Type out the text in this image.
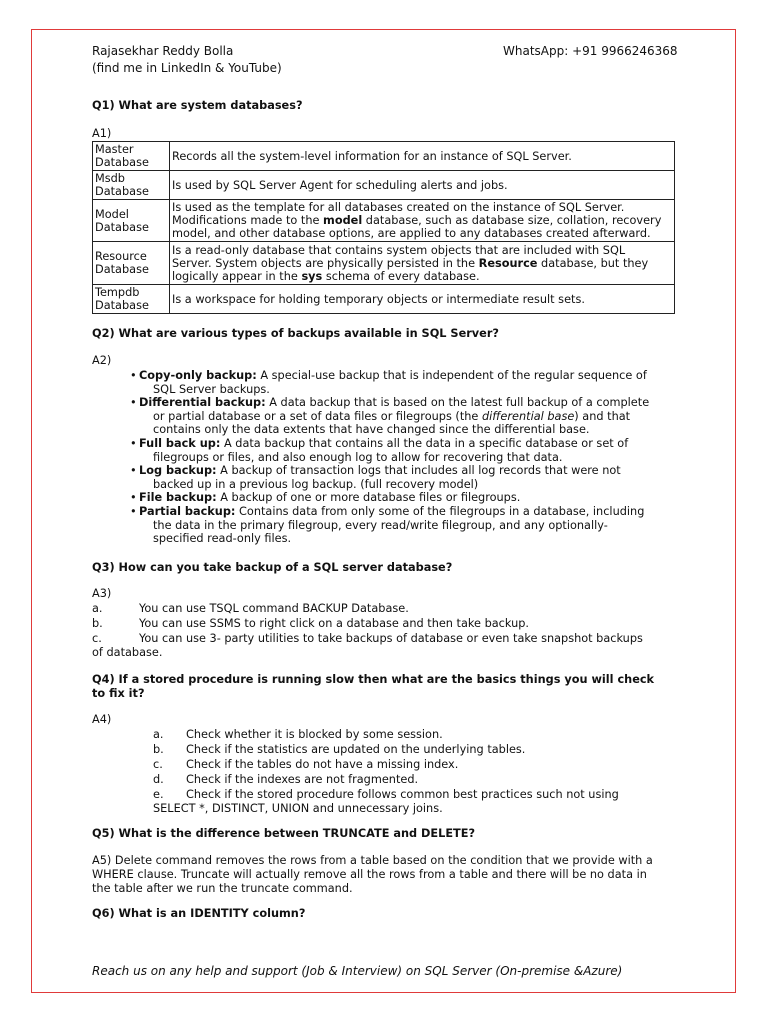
Rajasekhar Reddy Bolla
(find me in LinkedIn & YouTube)
WhatsApp: +91 9966246368
Q1) What are system databases?
A1)
Master
Database	Records all the system-level information for an instance of SQL Server.
Msdb
Database	Is used by SQL Server Agent for scheduling alerts and jobs.
Model
Database	Is used as the template for all databases created on the instance of SQL Server.
Modifications made to the model database, such as database size, collation, recovery
model, and other database options, are applied to any databases created afterward.
Resource
Database	Is a read-only database that contains system objects that are included with SQL
Server. System objects are physically persisted in the Resource database, but they
logically appear in the sys schema of every database.
Tempdb
Database	Is a workspace for holding temporary objects or intermediate result sets.
Q2) What are various types of backups available in SQL Server?
A2)
• Copy-only backup: A special-use backup that is independent of the regular sequence of
SQL Server backups.
• Differential backup: A data backup that is based on the latest full backup of a complete
or partial database or a set of data files or filegroups (the differential base) and that
contains only the data extents that have changed since the differential base.
• Full back up: A data backup that contains all the data in a specific database or set of
filegroups or files, and also enough log to allow for recovering that data.
• Log backup: A backup of transaction logs that includes all log records that were not
backed up in a previous log backup. (full recovery model)
• File backup: A backup of one or more database files or filegroups.
• Partial backup: Contains data from only some of the filegroups in a database, including
the data in the primary filegroup, every read/write filegroup, and any optionally-
specified read-only files.
Q3) How can you take backup of a SQL server database?
A3)
a.	You can use TSQL command BACKUP Database.
b.	You can use SSMS to right click on a database and then take backup.
c.	You can use 3- party utilities to take backups of database or even take snapshot backups
of database.
Q4) If a stored procedure is running slow then what are the basics things you will check
to fix it?
A4)
a. Check whether it is blocked by some session.
b. Check if the statistics are updated on the underlying tables.
c. Check if the tables do not have a missing index.
d. Check if the indexes are not fragmented.
e. Check if the stored procedure follows common best practices such not using
SELECT *, DISTINCT, UNION and unnecessary joins.
Q5) What is the difference between TRUNCATE and DELETE?
A5) Delete command removes the rows from a table based on the condition that we provide with a
WHERE clause. Truncate will actually remove all the rows from a table and there will be no data in
the table after we run the truncate command.
Q6) What is an IDENTITY column?
Reach us on any help and support (Job & Interview) on SQL Server (On-premise &Azure)
